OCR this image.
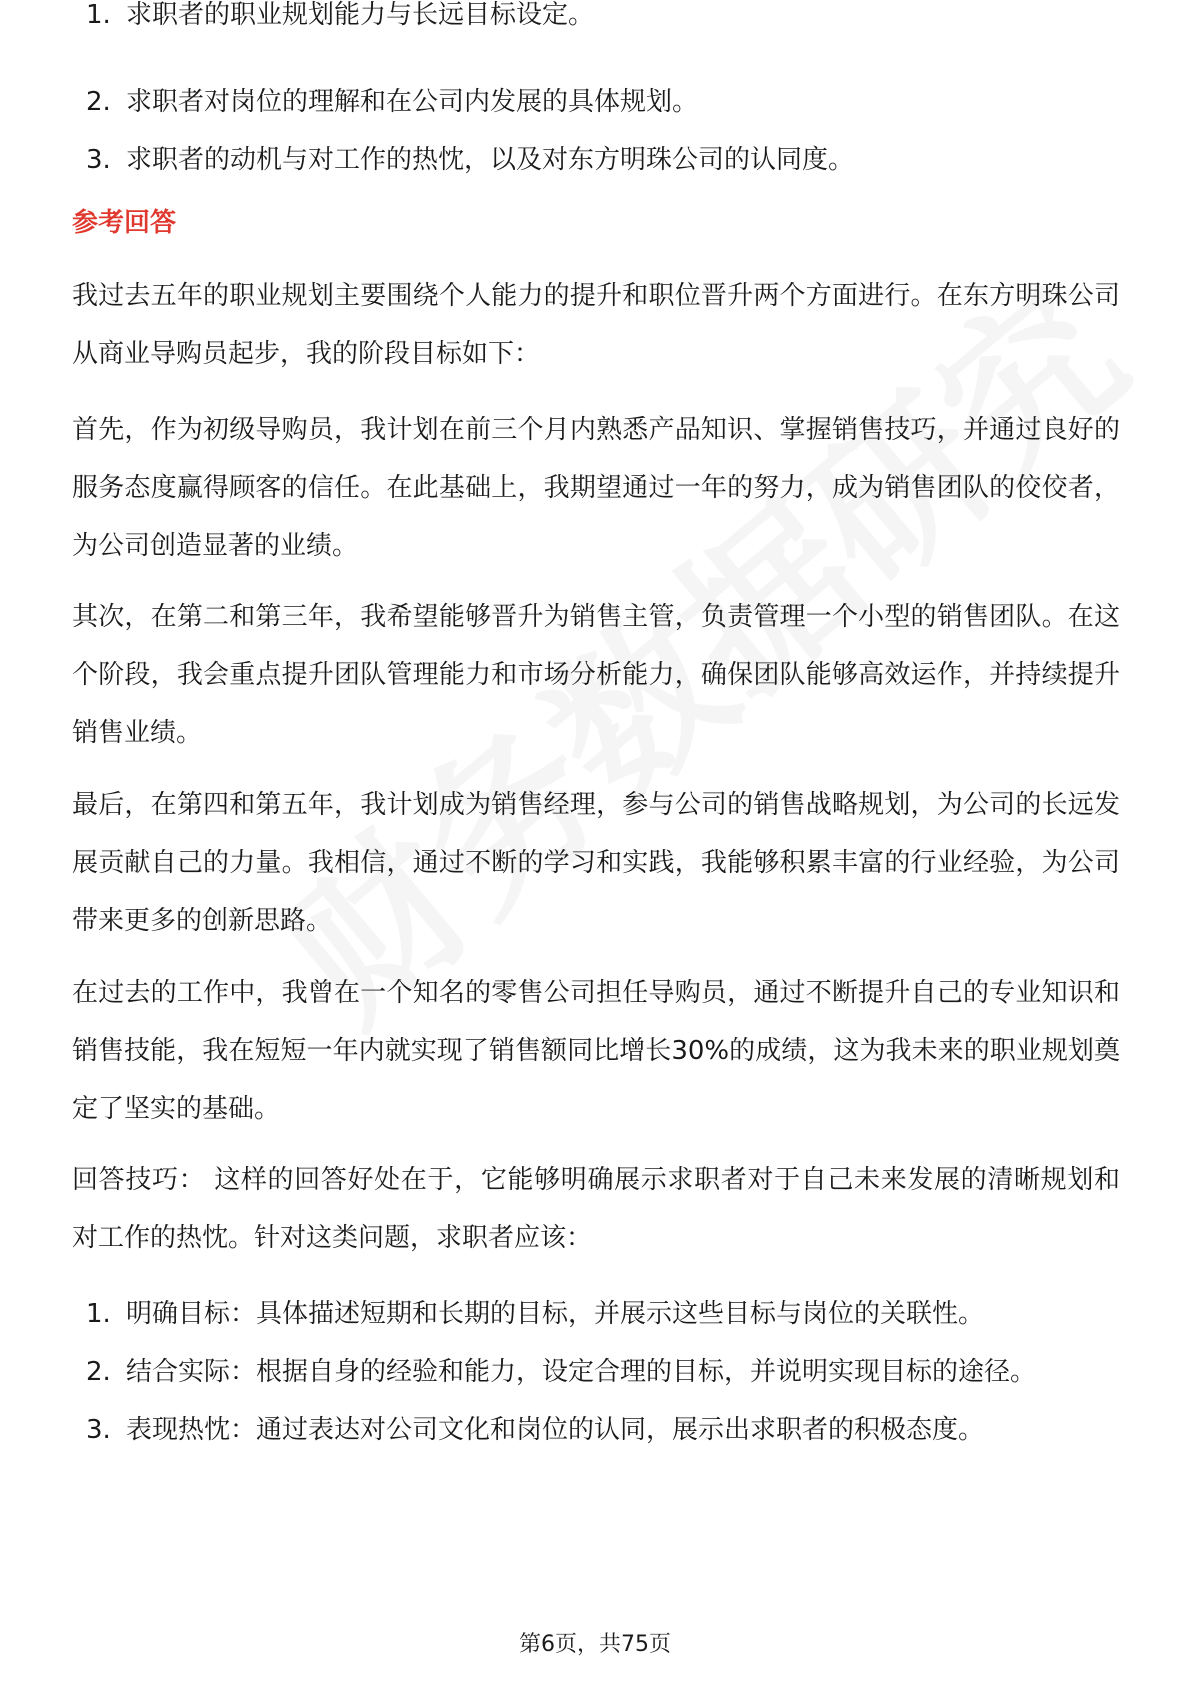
1. 求职者的职业规划能力与长远目标设定。
2. 求职者对岗位的理解和在公司内发展的具体规划。
3. 求职者的动机与对工作的热忱，以及对东方明珠公司的认同度。
参考回答

我过去五年的职业规划主要围绕个人能力的提升和职位晋升两个方面进行。在东方明珠公司从商业导购员起步，我的阶段目标如下：

首先，作为初级导购员，我计划在前三个月内熟悉产品知识、掌握销售技巧，并通过良好的服务态度赢得顾客的信任。在此基础上，我期望通过一年的努力，成为销售团队的佼佼者，为公司创造显著的业绩。

其次，在第二和第三年，我希望能够晋升为销售主管，负责管理一个小型的销售团队。在这个阶段，我会重点提升团队管理能力和市场分析能力，确保团队能够高效运作，并持续提升销售业绩。

最后，在第四和第五年，我计划成为销售经理，参与公司的销售战略规划，为公司的长远发展贡献自己的力量。我相信，通过不断的学习和实践，我能够积累丰富的行业经验，为公司带来更多的创新思路。

在过去的工作中，我曾在一个知名的零售公司担任导购员，通过不断提升自己的专业知识和销售技能，我在短短一年内就实现了销售额同比增长30%的成绩，这为我未来的职业规划奠定了坚实的基础。

回答技巧： 这样的回答好处在于，它能够明确展示求职者对于自己未来发展的清晰规划和对工作的热忱。针对这类问题，求职者应该：

1. 明确目标：具体描述短期和长期的目标，并展示这些目标与岗位的关联性。
2. 结合实际：根据自身的经验和能力，设定合理的目标，并说明实现目标的途径。
3. 表现热忱：通过表达对公司文化和岗位的认同，展示出求职者的积极态度。
第6页，共75页
